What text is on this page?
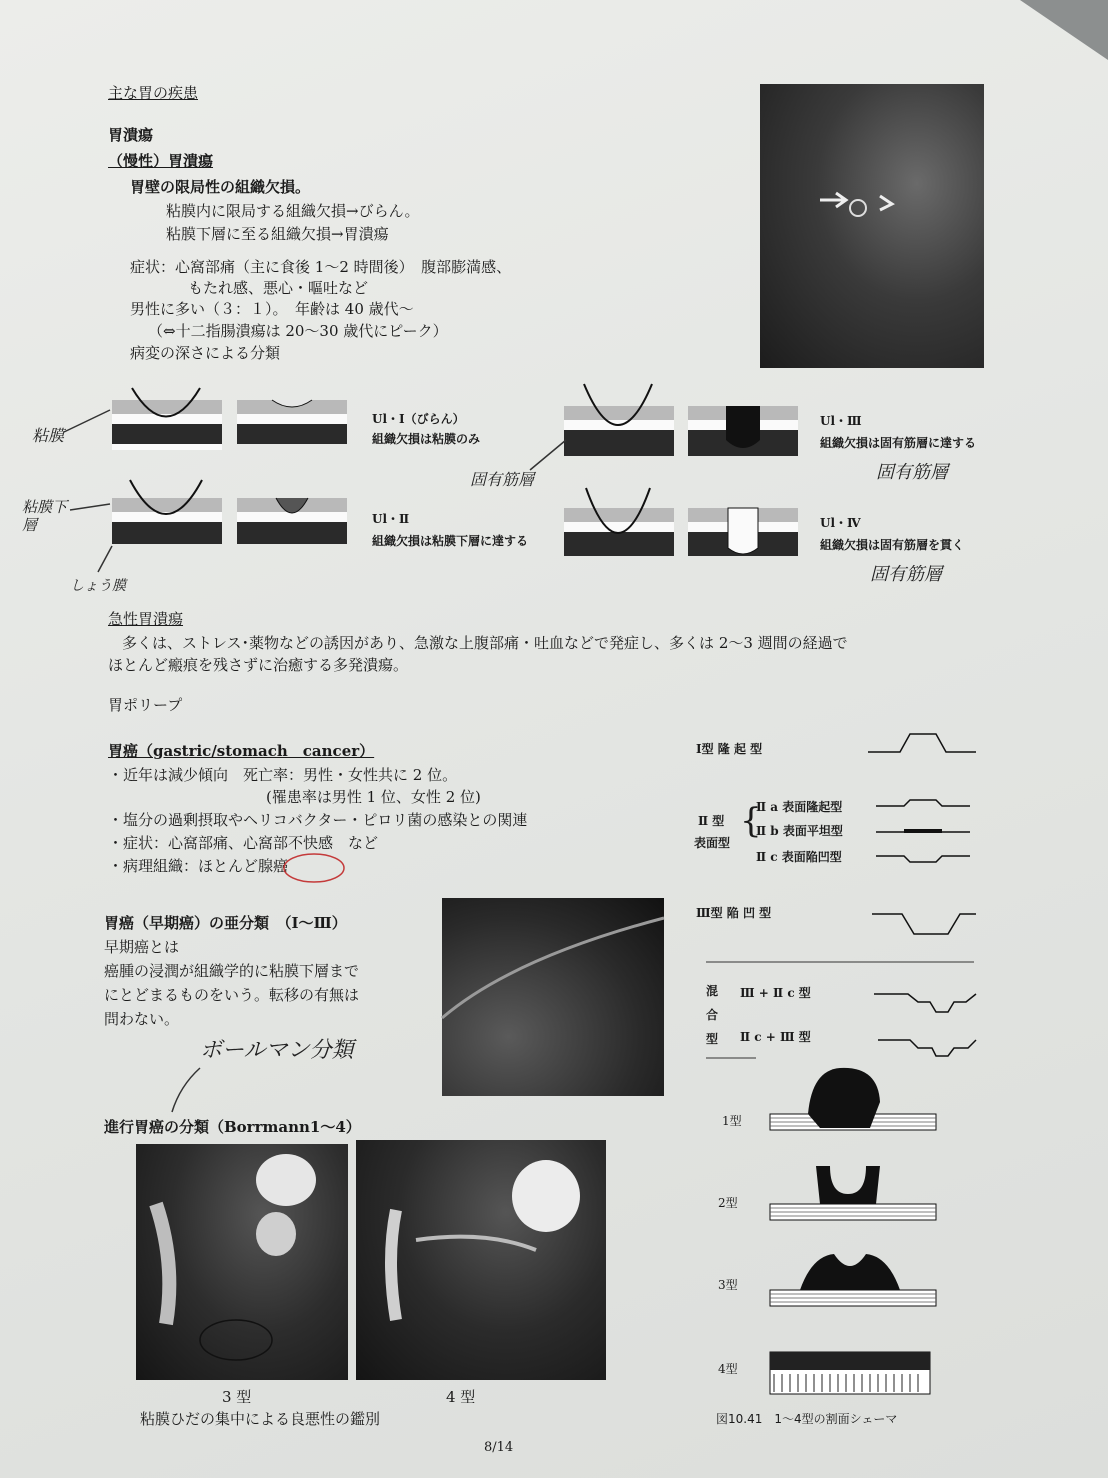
主な胃の疾患
胃潰瘍
（慢性）胃潰瘍
胃壁の限局性の組織欠損。
粘膜内に限局する組織欠損→びらん。
粘膜下層に至る組織欠損→胃潰瘍
症状：心窩部痛（主に食後 1～2 時間後）　腹部膨満感、
もたれ感、悪心・嘔吐など
男性に多い（３：１）。　年齢は 40 歳代～
（⇔十二指腸潰瘍は 20～30 歳代にピーク）
病変の深さによる分類
Ul・Ⅰ（びらん）
組織欠損は粘膜のみ
Ul・Ⅱ
組織欠損は粘膜下層に達する
Ul・Ⅲ
組織欠損は固有筋層に達する
Ul・Ⅳ
組織欠損は固有筋層を貫く
粘膜
粘膜下層
しょう膜
固有筋層	固有筋層
固有筋層
急性胃潰瘍
多くは、ストレス･薬物などの誘因があり、急激な上腹部痛・吐血などで発症し、多くは 2～3 週間の経過で
ほとんど瘢痕を残さずに治癒する多発潰瘍。
胃ポリープ
胃癌（gastric/stomach　cancer）
・近年は減少傾向　死亡率：男性・女性共に 2 位。
(罹患率は男性 1 位、女性 2 位)
・塩分の過剰摂取やヘリコバクター・ピロリ菌の感染との関連
・症状：心窩部痛、心窩部不快感　など
・病理組織：ほとんど腺癌
胃癌（早期癌）の亜分類　（Ⅰ～Ⅲ）
早期癌とは
癌腫の浸潤が組織学的に粘膜下層まで
にとどまるものをいう。転移の有無は
問わない。
Ⅰ型 隆 起 型
Ⅱ 型
表面型
{
Ⅱ a 表面隆起型
Ⅱ b 表面平坦型
Ⅱ c 表面陥凹型
Ⅲ型 陥 凹 型
混
合
型
Ⅲ + Ⅱ c 型
Ⅱ c + Ⅲ 型
ボールマン分類
進行胃癌の分類（Borrmann1～4）
3 型	4 型
粘膜ひだの集中による良悪性の鑑別
1型
2型
3型
4型
図10.41　1～4型の割面シェーマ
8/14
